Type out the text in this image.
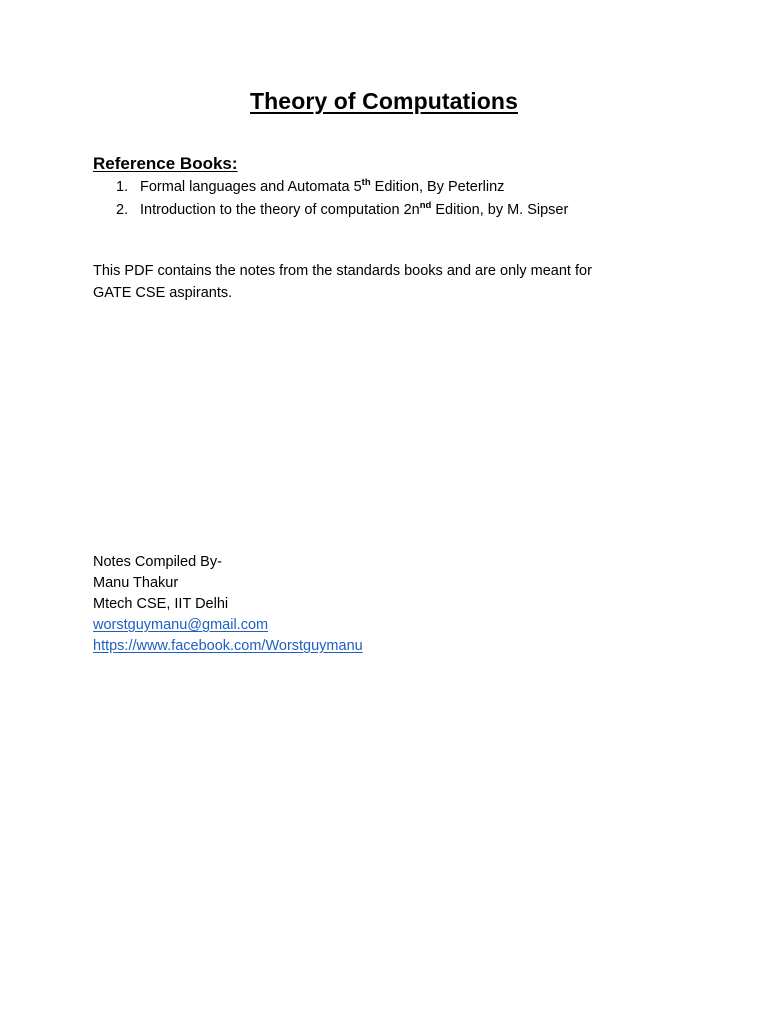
Theory of Computations
Reference Books:
1. Formal languages and Automata 5th Edition, By Peterlinz
2. Introduction to the theory of computation $2n^{nd}$ Edition, by M. Sipser
This PDF contains the notes from the standards books and are only meant for
GATE CSE aspirants.
Notes Compiled By-
Manu Thakur
Mtech CSE, IIT Delhi
worstguymanu@gmail.com
https://www.facebook.com/Worstguymanu
